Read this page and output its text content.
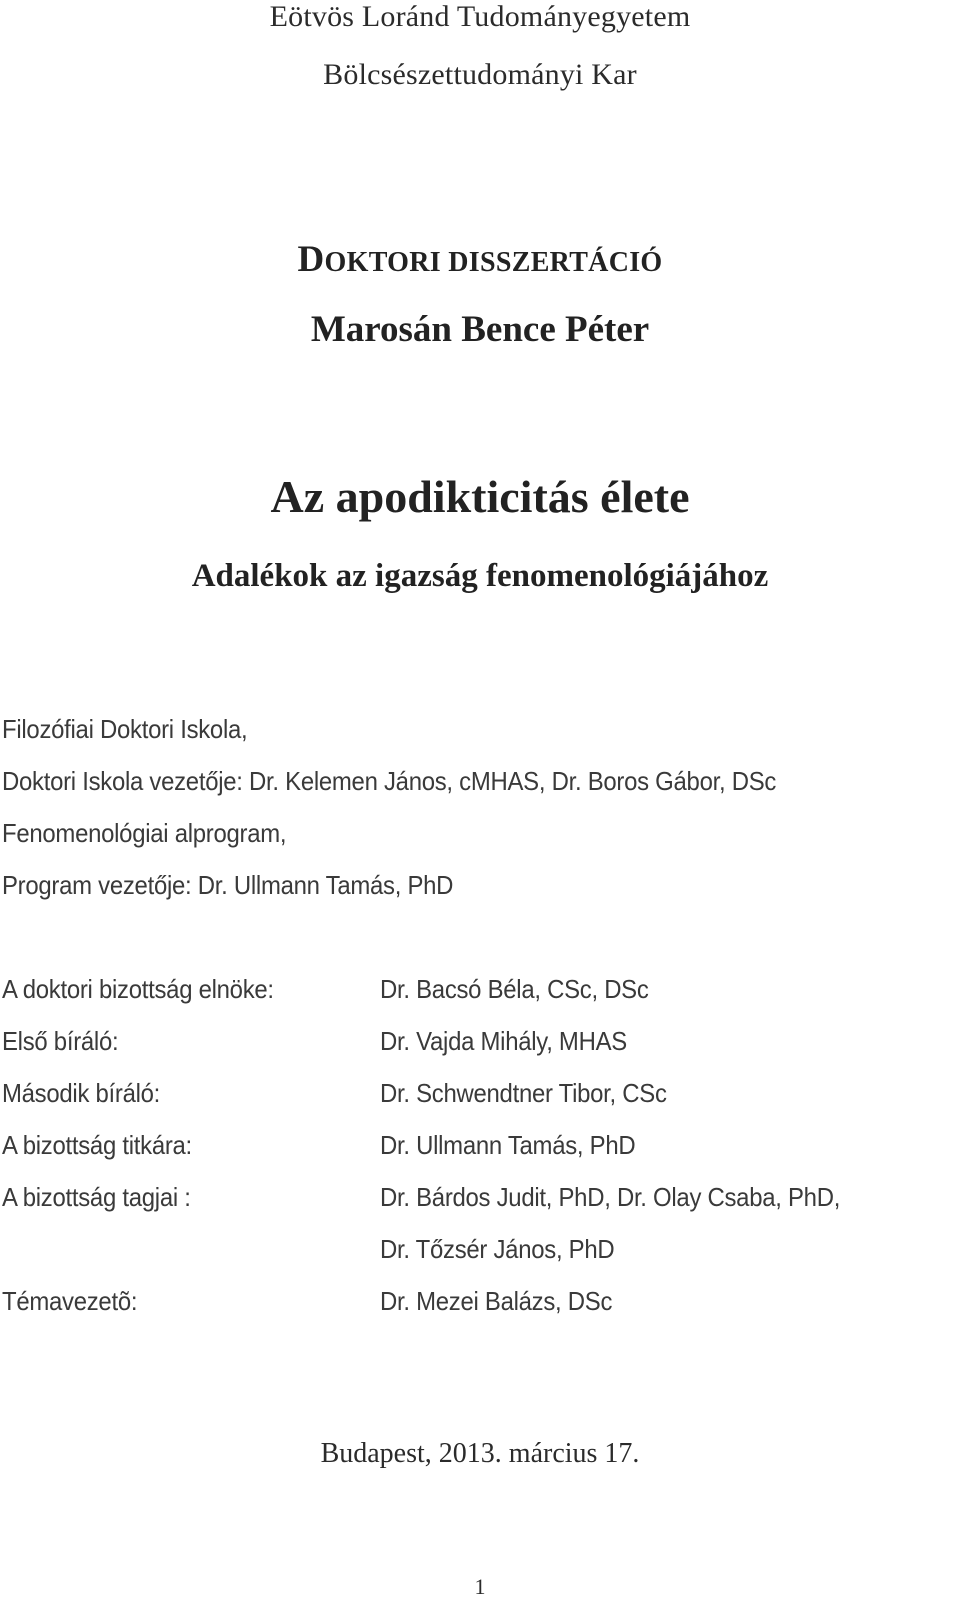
Eötvös Loránd Tudományegyetem
Bölcsészettudományi Kar
DOKTORI DISSZERTÁCIÓ
Marosán Bence Péter
Az apodikticitás élete
Adalékok az igazság fenomenológiájához
Filozófiai Doktori Iskola,
Doktori Iskola vezetője: Dr. Kelemen János, cMHAS, Dr. Boros Gábor, DSc
Fenomenológiai alprogram,
Program vezetője: Dr. Ullmann Tamás, PhD
A doktori bizottság elnöke:	Dr. Bacsó Béla, CSc, DSc
Első bíráló:	Dr. Vajda Mihály, MHAS
Második bíráló:	Dr. Schwendtner Tibor, CSc
A bizottság titkára:	Dr. Ullmann Tamás, PhD
A bizottság tagjai :	Dr. Bárdos Judit, PhD, Dr. Olay Csaba, PhD,
Dr. Tőzsér János, PhD
Témavezetõ:	Dr. Mezei Balázs, DSc
Budapest, 2013. március 17.
1
